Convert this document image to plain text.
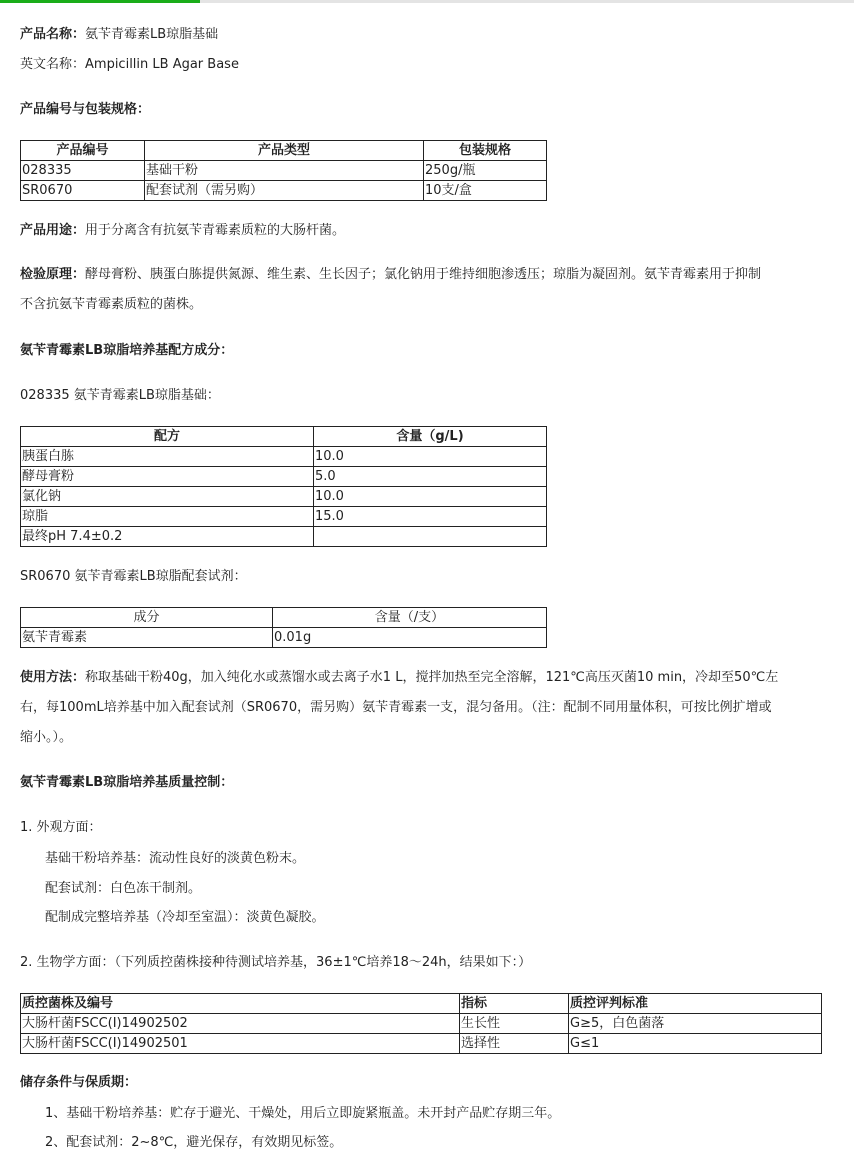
产品名称：氨苄青霉素LB琼脂基础
英文名称：Ampicillin LB Agar Base
产品编号与包装规格：
产品编号	产品类型	包装规格
028335	基础干粉	250g/瓶
SR0670	配套试剂（需另购）	10支/盒
产品用途：用于分离含有抗氨苄青霉素质粒的大肠杆菌。
检验原理：酵母膏粉、胰蛋白胨提供氮源、维生素、生长因子；氯化钠用于维持细胞渗透压；琼脂为凝固剂。氨苄青霉素用于抑制
不含抗氨苄青霉素质粒的菌株。
氨苄青霉素LB琼脂培养基配方成分：
028335 氨苄青霉素LB琼脂基础：
配方	含量（g/L)
胰蛋白胨	10.0
酵母膏粉	5.0
氯化钠	10.0
琼脂	15.0
最终pH 7.4±0.2	
SR0670 氨苄青霉素LB琼脂配套试剂：
成分	含量（/支）
氨苄青霉素	0.01g
使用方法：称取基础干粉40g，加入纯化水或蒸馏水或去离子水1 L，搅拌加热至完全溶解，121℃高压灭菌10 min，冷却至50℃左
右，每100mL培养基中加入配套试剂（SR0670，需另购）氨苄青霉素一支，混匀备用。（注：配制不同用量体积，可按比例扩增或
缩小。）。
氨苄青霉素LB琼脂培养基质量控制：
1. 外观方面：
基础干粉培养基：流动性良好的淡黄色粉末。
配套试剂：白色冻干制剂。
配制成完整培养基（冷却至室温）：淡黄色凝胶。
2. 生物学方面：（下列质控菌株接种待测试培养基，36±1℃培养18～24h，结果如下：）
质控菌株及编号	指标	质控评判标准
大肠杆菌FSCC(I)14902502	生长性	G≥5，白色菌落
大肠杆菌FSCC(I)14902501	选择性	G≤1
储存条件与保质期：
1、基础干粉培养基：贮存于避光、干燥处，用后立即旋紧瓶盖。未开封产品贮存期三年。
2、配套试剂：2~8℃，避光保存，有效期见标签。
